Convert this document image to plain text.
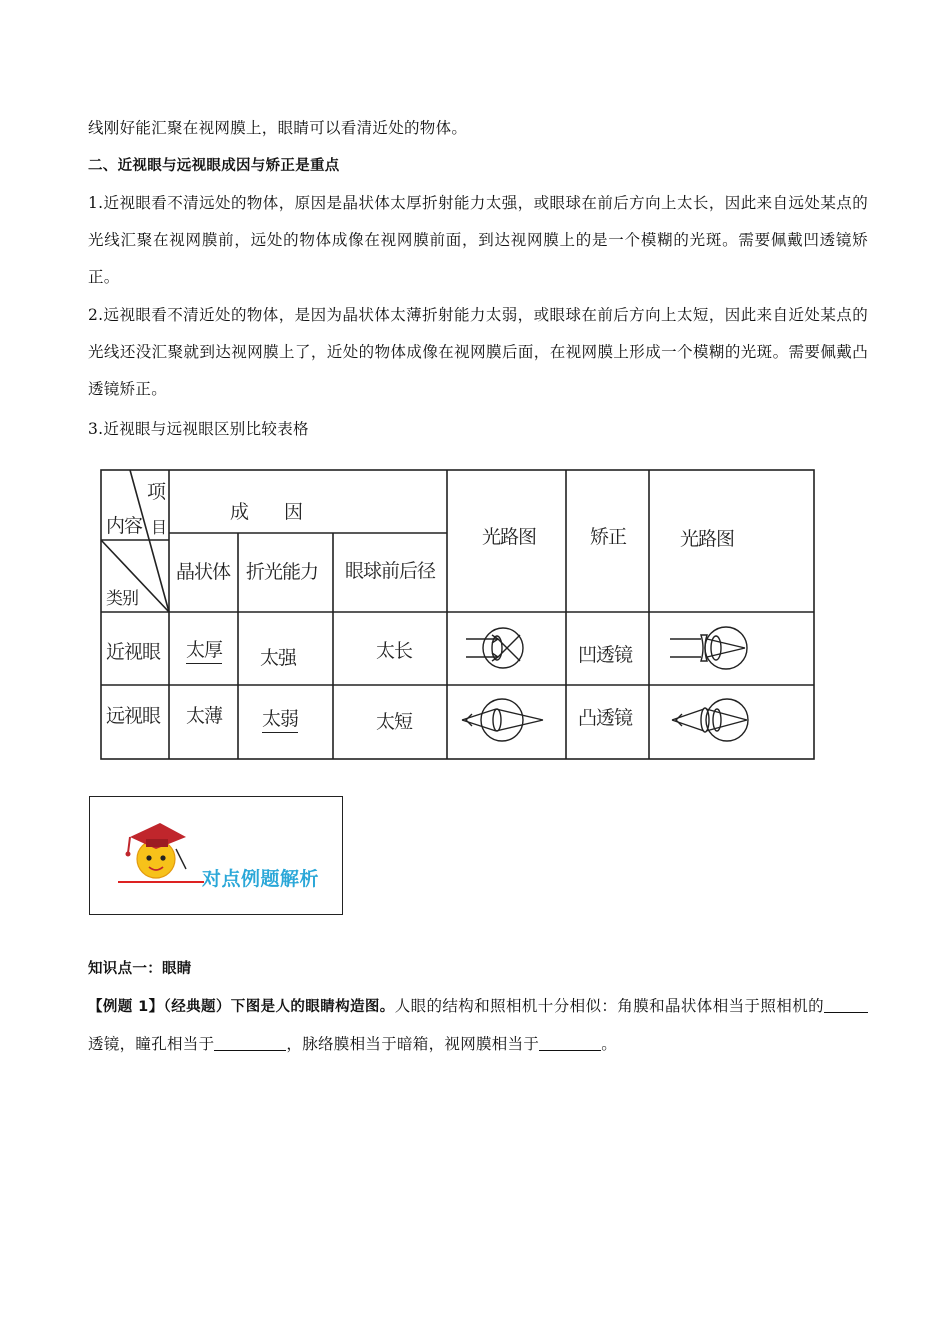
线刚好能汇聚在视网膜上，眼睛可以看清近处的物体。
二、近视眼与远视眼成因与矫正是重点
1.近视眼看不清远处的物体，原因是晶状体太厚折射能力太强，或眼球在前后方向上太长，因此来自远处某点的光线汇聚在视网膜前，远处的物体成像在视网膜前面，到达视网膜上的是一个模糊的光斑。需要佩戴凹透镜矫正。
2.远视眼看不清近处的物体，是因为晶状体太薄折射能力太弱，或眼球在前后方向上太短，因此来自近处某点的光线还没汇聚就到达视网膜上了，近处的物体成像在视网膜后面，在视网膜上形成一个模糊的光斑。需要佩戴凸透镜矫正。
3.近视眼与远视眼区别比较表格
项
目
内容
类别
成　　因
晶状体 折光能力 眼球前后径
光路图	矫正	光路图
近视眼 太厚 太强	太长	凹透镜
远视眼 太薄 太弱	太短	凸透镜
对点例题解析
知识点一：眼睛
【例题 1】（经典题）下图是人的眼睛构造图。人眼的结构和照相机十分相似：角膜和晶状体相当于照相机的透镜，瞳孔相当于	，脉络膜相当于暗箱，视网膜相当于	。
